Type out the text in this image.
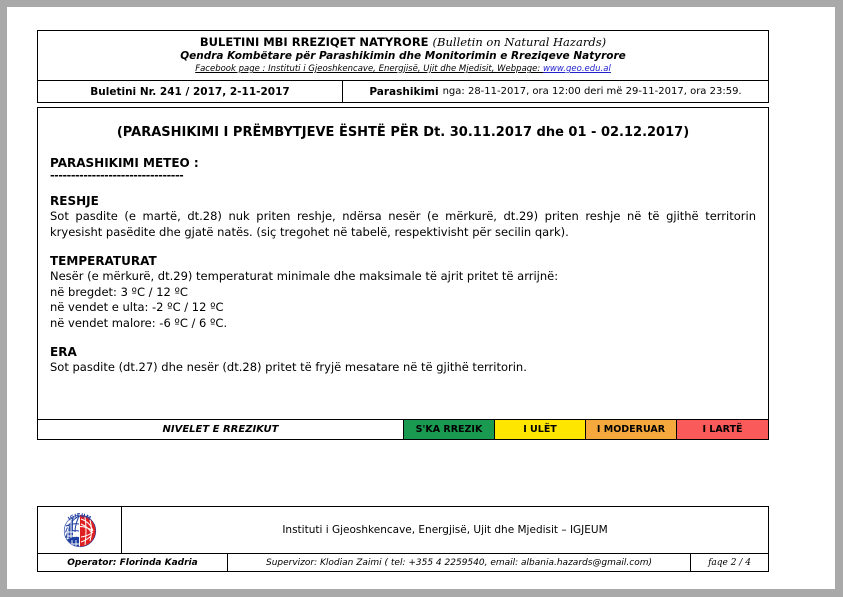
BULETINI MBI RREZIQET NATYRORE (Bulletin on Natural Hazards)
Qendra Kombëtare për Parashikimin dhe Monitorimin e Rreziqeve Natyrore
Facebook page : Instituti i Gjeoshkencave, Energjisë, Ujit dhe Mjedisit, Webpage: www.geo.edu.al
Buletini Nr. 241 / 2017, 2-11-2017	Parashikimi nga: 28-11-2017, ora 12:00 deri më 29-11-2017, ora 23:59.
(PARASHIKIMI I PRËMBYTJEVE ËSHTË PËR Dt. 30.11.2017 dhe 01 - 02.12.2017)
PARASHIKIMI METEO :
--------------------------------
RESHJE

Sot pasdite (e martë, dt.28) nuk priten reshje, ndërsa nesër (e mërkurë, dt.29) priten reshje në të gjithë territorin kryesisht pasëdite dhe gjatë natës. (siç tregohet në tabelë, respektivisht për secilin qark).

TEMPERATURAT
Nesër (e mërkurë, dt.29) temperaturat minimale dhe maksimale të ajrit pritet të arrijnë:
në bregdet: 3 ºC / 12 ºC
në vendet e ulta: -2 ºC / 12 ºC
në vendet malore: -6 ºC / 6 ºC.
ERA
Sot pasdite (dt.27) dhe nesër (dt.28) pritet të fryjë mesatare në të gjithë territorin.
NIVELET E RREZIKUT	S'KA RREZIK	I ULËT	I MODERUAR	I LARTË
IGJEUM
Instituti i Gjeoshkencave, Energjisë, Ujit dhe Mjedisit – IGJEUM
Operator: Florinda Kadria	Supervizor: Klodian Zaimi ( tel: +355 4 2259540, email: albania.hazards@gmail.com)	faqe 2 / 4
